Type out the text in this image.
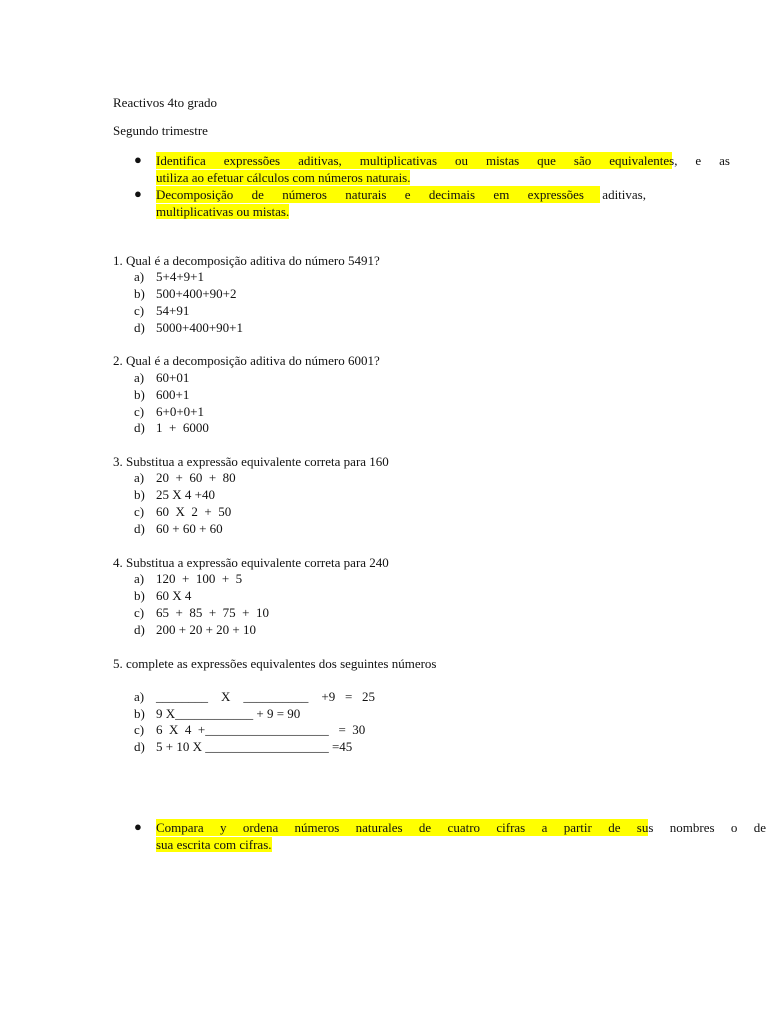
Reactivos 4to grado
Segundo trimestre
● Identifica expressões aditivas, multiplicativas ou mistas que são equivalentes, e as
utiliza ao efetuar cálculos com números naturais.
● Decomposição de números naturais e decimais em expressões aditivas,
multiplicativas ou mistas.
1. Qual é a decomposição aditiva do número 5491?
a) 5+4+9+1
b) 500+400+90+2
c) 54+91
d) 5000+400+90+1
2. Qual é a decomposição aditiva do número 6001?
a) 60+01
b) 600+1
c) 6+0+0+1
d) 1  +  6000
3. Substitua a expressão equivalente correta para 160
a) 20  +  60  +  80
b) 25 X 4 +40
c) 60  X  2  +  50
d) 60 + 60 + 60
4. Substitua a expressão equivalente correta para 240
a) 120  +  100  +  5
b) 60 X 4
c) 65  +  85  +  75  +  10
d) 200 + 20 + 20 + 10
5. complete as expressões equivalentes dos seguintes números
a) ________    X    __________    +9   =   25
b) 9 X____________ + 9 = 90
c) 6  X  4  +___________________   =  30
d) 5 + 10 X ___________________ =45
● Compara y ordena números naturales de cuatro cifras a partir de sus nombres o de
sua escrita com cifras.
